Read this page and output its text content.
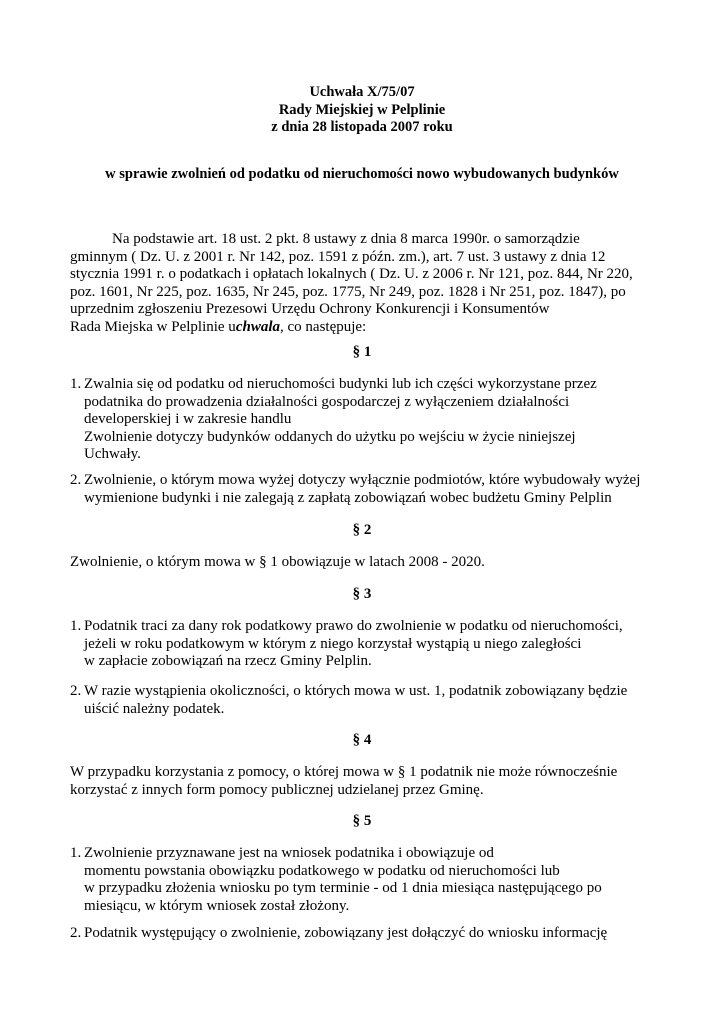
Uchwała X/75/07
Rady Miejskiej w Pelplinie
z dnia 28 listopada 2007 roku
w sprawie zwolnień od podatku od nieruchomości nowo wybudowanych budynków
Na podstawie art. 18 ust. 2 pkt. 8 ustawy z dnia 8 marca 1990r. o samorządzie
gminnym ( Dz. U. z 2001 r. Nr 142, poz. 1591 z późn. zm.), art. 7 ust. 3 ustawy z dnia 12
stycznia 1991 r. o podatkach i opłatach lokalnych ( Dz. U. z 2006 r. Nr 121, poz. 844, Nr 220,
poz. 1601, Nr 225, poz. 1635, Nr 245, poz. 1775, Nr 249, poz. 1828 i Nr 251, poz. 1847), po
uprzednim zgłoszeniu Prezesowi Urzędu Ochrony Konkurencji i Konsumentów
Rada Miejska w Pelplinie uchwala, co następuje:
§ 1
1. Zwalnia się od podatku od nieruchomości budynki lub ich części wykorzystane przez
podatnika do prowadzenia działalności gospodarczej z wyłączeniem działalności
developerskiej i w zakresie handlu
Zwolnienie dotyczy budynków oddanych do użytku po wejściu w życie niniejszej
Uchwały.
2. Zwolnienie, o którym mowa wyżej dotyczy wyłącznie podmiotów, które wybudowały wyżej
wymienione budynki i nie zalegają z zapłatą zobowiązań wobec budżetu Gminy Pelplin
§ 2
Zwolnienie, o którym mowa w § 1 obowiązuje w latach 2008 - 2020.
§ 3
1. Podatnik traci za dany rok podatkowy prawo do zwolnienie w podatku od nieruchomości,
jeżeli w roku podatkowym w którym z niego korzystał wystąpią u niego zaległości
w zapłacie zobowiązań na rzecz Gminy Pelplin.
2. W razie wystąpienia okoliczności, o których mowa w ust. 1, podatnik zobowiązany będzie
uiścić należny podatek.
§ 4
W przypadku korzystania z pomocy, o której mowa w § 1 podatnik nie może równocześnie
korzystać z innych form pomocy publicznej udzielanej przez Gminę.
§ 5
1. Zwolnienie przyznawane jest na wniosek podatnika i obowiązuje od
momentu powstania obowiązku podatkowego w podatku od nieruchomości lub
w przypadku złożenia wniosku po tym terminie - od 1 dnia miesiąca następującego po
miesiącu, w którym wniosek został złożony.
2. Podatnik występujący o zwolnienie, zobowiązany jest dołączyć do wniosku informację
